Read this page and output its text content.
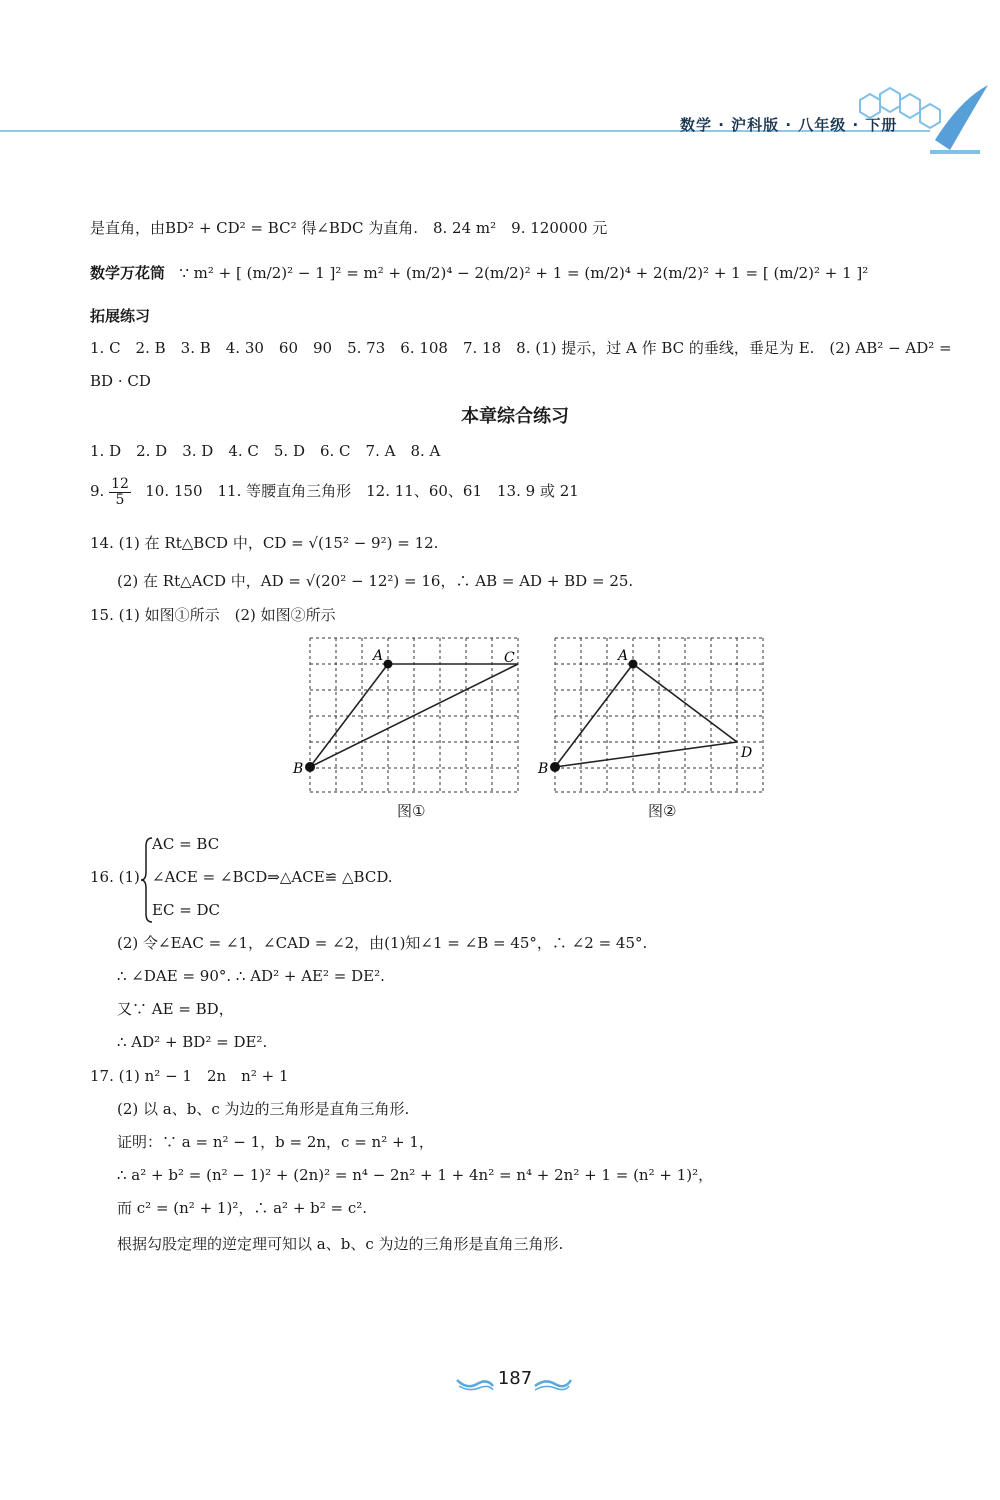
数学 · 沪科版 · 八年级 · 下册
是直角，由BD² + CD² = BC² 得∠BDC 为直角.　8. 24 m²　9. 120000 元
数学万花筒 ∵ m² + [ (m/2)² − 1 ]² = m² + (m/2)⁴ − 2(m/2)² + 1 = (m/2)⁴ + 2(m/2)² + 1 = [ (m/2)² + 1 ]²
拓展练习
1. C　2. B　3. B　4. 30　60　90　5. 73　6. 108　7. 18　8. (1) 提示，过 A 作 BC 的垂线，垂足为 E.　(2) AB² − AD² =
BD · CD
本章综合练习
1. D　2. D　3. D　4. C　5. D　6. C　7. A　8. A
9. $\frac{12}{5} 10$. 150　11. 等腰直角三角形　12. 11、60、61　13. 9 或 21
14. (1) 在 Rt△BCD 中，CD = √(15² − 9²) = 12.
(2) 在 Rt△ACD 中，AD = √(20² − 12²) = 16，∴ AB = AD + BD = 25.
15. (1) 如图①所示　(2) 如图②所示
A
B
C
图①
A
B
D
图②
16. (1)
AC = BC
∠ACE = ∠BCD⇒△ACE≌ △BCD.
EC = DC
(2) 令∠EAC = ∠1，∠CAD = ∠2，由(1)知∠1 = ∠B = 45°，∴ ∠2 = 45°.
∴ ∠DAE = 90°. ∴ AD² + AE² = DE².
又∵ AE = BD，
∴ AD² + BD² = DE².
17. (1) n² − 1　2n　n² + 1
(2) 以 a、b、c 为边的三角形是直角三角形.
证明：∵ a = n² − 1，b = 2n，c = n² + 1，
∴ a² + b² = (n² − 1)² + (2n)² = n⁴ − 2n² + 1 + 4n² = n⁴ + 2n² + 1 = (n² + 1)²，
而 c² = (n² + 1)²，∴ a² + b² = c².
根据勾股定理的逆定理可知以 a、b、c 为边的三角形是直角三角形.
187
